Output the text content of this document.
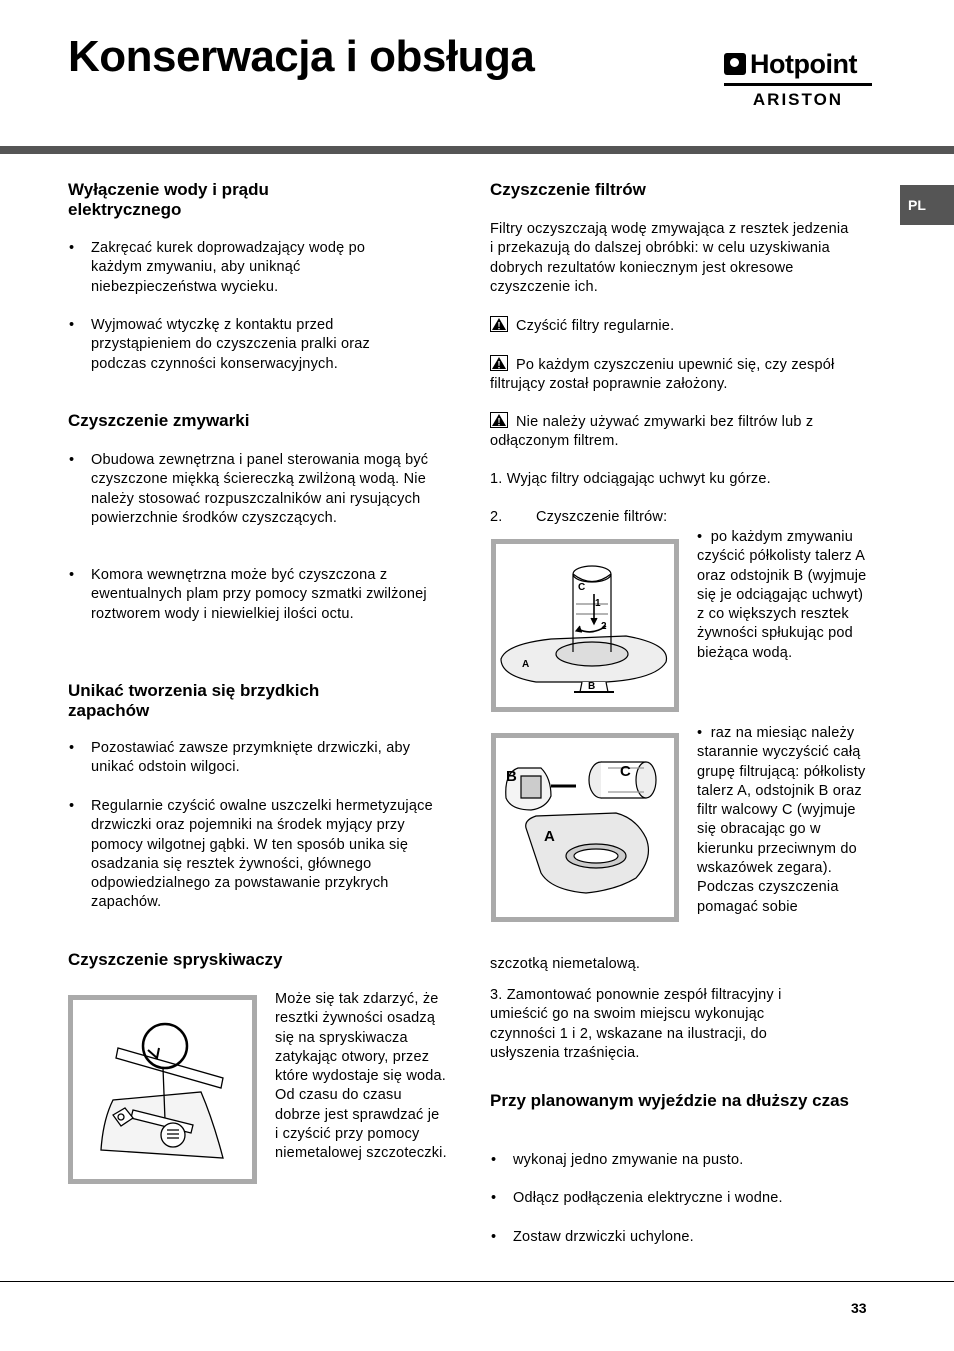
Konserwacja i obsługa	Hotpoint
ARISTON
PL
Wyłączenie wody i prądu elektrycznego
• Zakręcać kurek doprowadzający wodę po każdym zmywaniu, aby uniknąć niebezpieczeństwa wycieku.
• Wyjmować wtyczkę z kontaktu przed przystąpieniem do czyszczenia pralki oraz podczas czynności konserwacyjnych.
Czyszczenie zmywarki
• Obudowa zewnętrzna i panel sterowania mogą być czyszczone miękką ściereczką zwilżoną wodą. Nie należy stosować rozpuszczalników ani rysujących powierzchnie środków czyszczących.
• Komora wewnętrzna może być czyszczona z ewentualnych plam przy pomocy szmatki zwilżonej roztworem wody i niewielkiej ilości octu.
Unikać tworzenia się brzydkich zapachów
• Pozostawiać zawsze przymknięte drzwiczki, aby unikać odstoin wilgoci.
• Regularnie czyścić owalne uszczelki hermetyzujące drzwiczki oraz pojemniki na środek myjący przy pomocy wilgotnej gąbki. W ten sposób unika się osadzania się resztek żywności, głównego odpowiedzialnego za powstawanie przykrych zapachów.
Czyszczenie spryskiwaczy
Może się tak zdarzyć, że resztki żywności osadzą się na spryskiwacza zatykając otwory, przez które wydostaje się woda. Od czasu do czasu dobrze jest sprawdzać je i czyścić przy pomocy niemetalowej szczoteczki.
Czyszczenie filtrów
Filtry oczyszczają wodę zmywająca z resztek jedzenia i przekazują do dalszej obróbki: w celu uzyskiwania dobrych rezultatów koniecznym jest okresowe czyszczenie ich.
Czyścić filtry regularnie.
Po każdym czyszczeniu upewnić się, czy zespół filtrujący został poprawnie założony.
Nie należy używać zmywarki bez filtrów lub z odłączonym filtrem.
1. Wyjąc filtry odciągając uchwyt ku górze.
2. Czyszczenie filtrów:
C
1
2
A
B
• po każdym zmywaniu czyścić półkolisty talerz A oraz odstojnik B (wyjmuje się je odciągając uchwyt) z co większych resztek żywności spłukując pod bieżąca wodą.
B	C
A
• raz na miesiąc należy starannie wyczyścić całą grupę filtrującą: półkolisty talerz A, odstojnik B oraz filtr walcowy C (wyjmuje się obracając go w kierunku przeciwnym do wskazówek zegara). Podczas czyszczenia pomagać sobie
szczotką niemetalową.
3. Zamontować ponownie zespół filtracyjny i umieścić go na swoim miejscu wykonując czynności 1 i 2, wskazane na ilustracji, do usłyszenia trzaśnięcia.
Przy planowanym wyjeździe na dłuższy czas
• wykonaj jedno zmywanie na pusto.
• Odłącz podłączenia elektryczne i wodne.
• Zostaw drzwiczki uchylone.
33
